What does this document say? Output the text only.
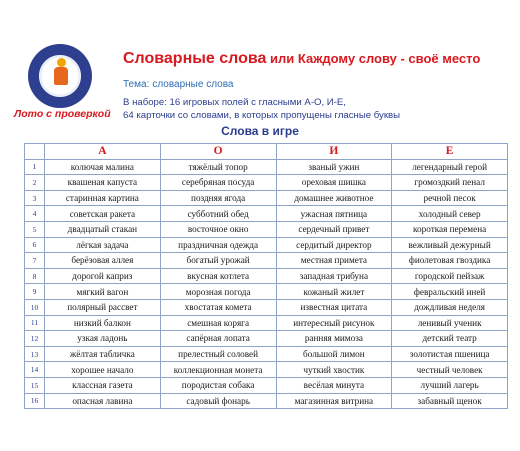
Лото с проверкой
Словарные слова или Каждому слову - своё место
Тема: словарные слова
В наборе: 16 игровых полей с гласными А-О, И-Е,
64 карточки со словами, в которых пропущены гласные буквы
Слова в игре
	А	О	И	Е
1	колючая малина	тяжёлый топор	званый ужин	легендарный герой
2	квашеная капуста	серебряная посуда	ореховая шишка	громоздкий пенал
3	старинная картина	поздняя ягода	домашнее животное	речной песок
4	советская ракета	субботний обед	ужасная пятница	холодный север
5	двадцатый стакан	восточное окно	сердечный привет	короткая перемена
6	лёгкая задача	праздничная одежда	сердитый директор	вежливый дежурный
7	берёзовая аллея	богатый урожай	местная приметa	фиолетовая гвоздика
8	дорогой каприз	вкусная котлета	западная трибуна	городской пейзаж
9	мягкий вагон	морозная погода	кожаный жилет	февральский иней
10	полярный рассвет	хвостатая комета	известная цитата	дождливая неделя
11	низкий балкон	смешная коряга	интересный рисунок	ленивый ученик
12	узкая ладонь	сапёрная лопата	ранняя мимоза	детский театр
13	жёлтая табличка	прелестный соловей	большой лимон	золотистая пшеница
14	хорошее начало	коллекционная монета	чуткий хвостик	честный человек
15	классная газета	породистая собака	весёлая минута	лучший лагерь
16	опасная лавина	садовый фонарь	магазинная витрина	забавный щенок
